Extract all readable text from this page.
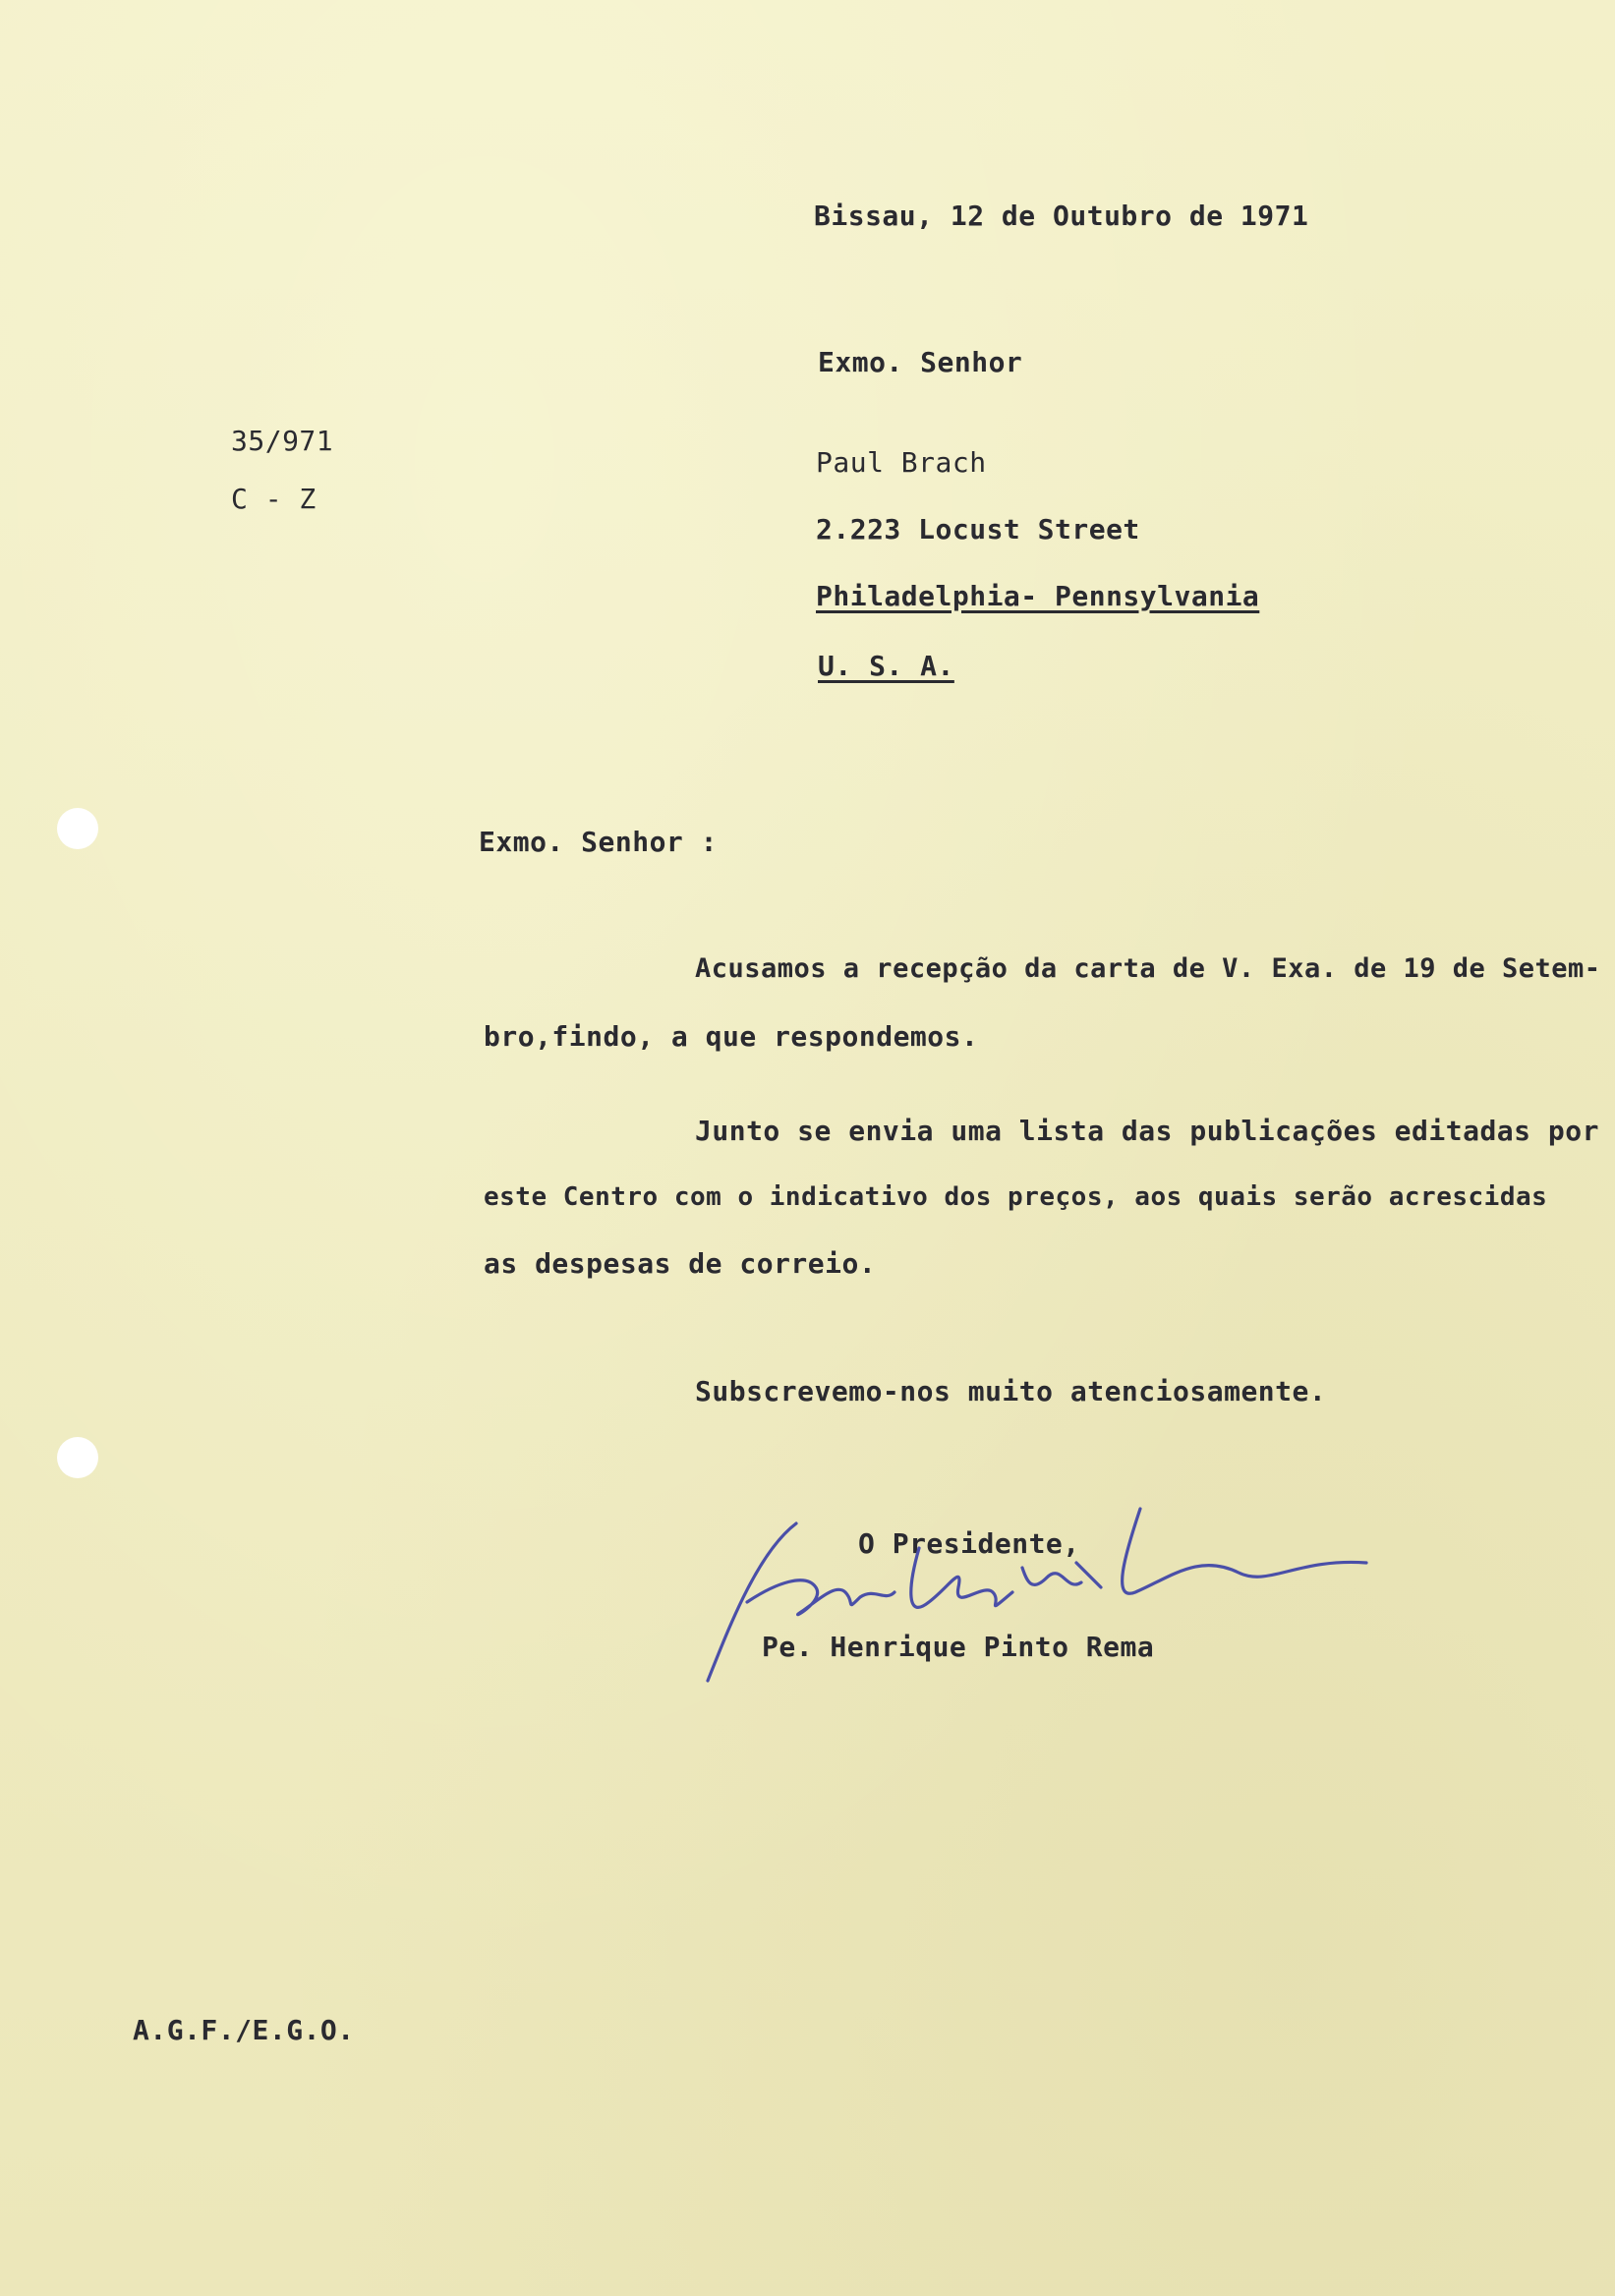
Bissau, 12 de Outubro de 1971
Exmo. Senhor
35/971
C - Z
Paul Brach
2.223 Locust Street
Philadelphia- Pennsylvania
U. S. A.
Exmo. Senhor :
Acusamos a recepção da carta de V. Exa. de 19 de Setem-
bro,findo, a que respondemos.
Junto se envia uma lista das publicações editadas por
este Centro com o indicativo dos preços, aos quais serão acrescidas
as despesas de correio.
Subscrevemo-nos muito atenciosamente.
O Presidente,
Pe. Henrique Pinto Rema
A.G.F./E.G.O.
